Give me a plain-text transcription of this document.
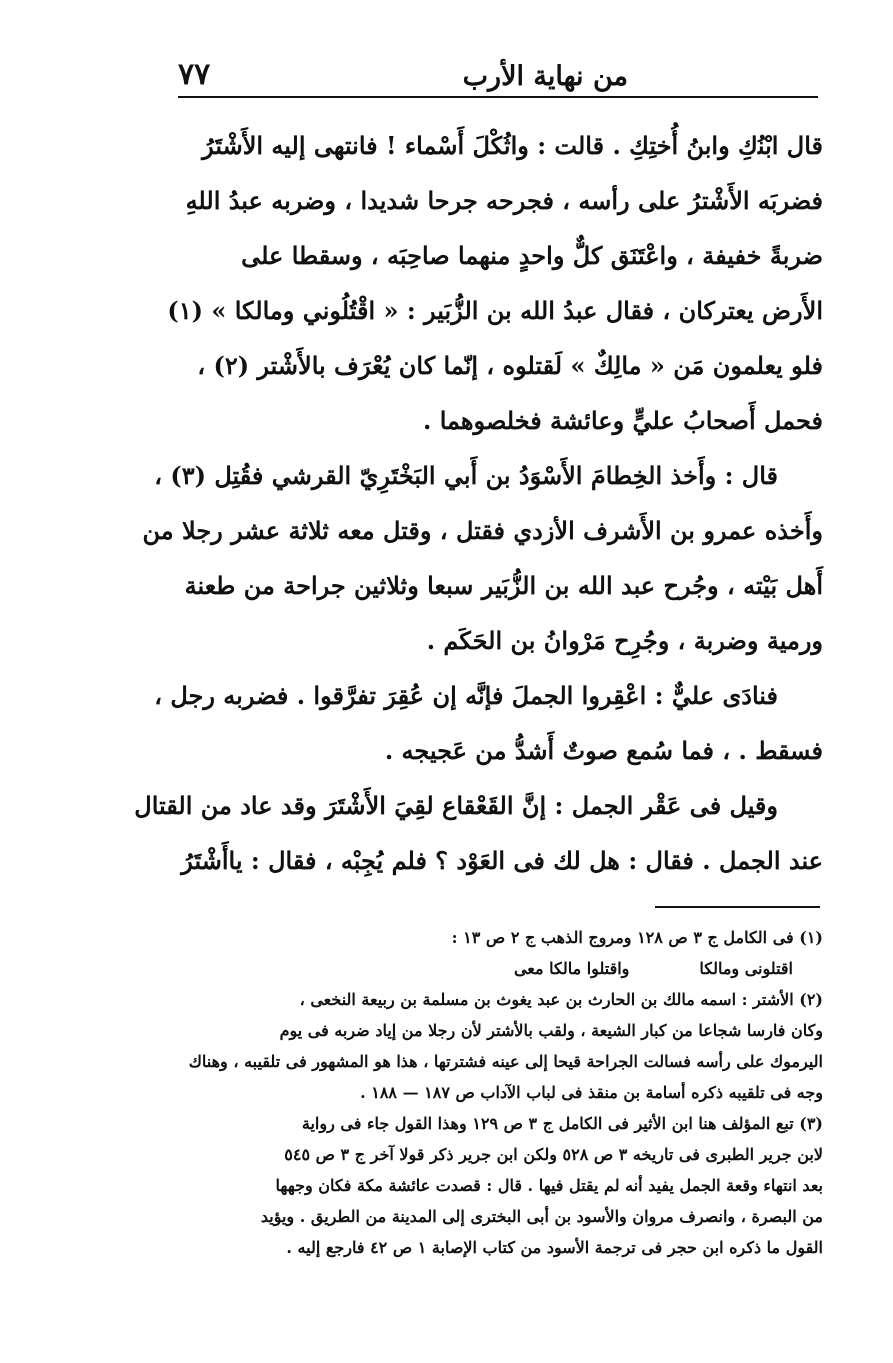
٧٧	من نهاية الأرب
قال اﺑْﻨُكِ وابنُ أُختِكِ . قالت : واثُكْلَ أَسْماء ! فانتهى إليه الأَشْتَرُ
فضربَه الأَشْترُ على رأسه ، فجرحه جرحا شديدا ، وضربه عبدُ اللهِ
ضربةً خفيفة ، واعْتَنَق كلٌّ واحدٍ منهما صاحِبَه ، وسقطا على
الأَرض يعتركان ، فقال عبدُ الله بن الزُّبَير : « اقْتُلُوني ومالكا » (١)
فلو يعلمون مَن « مالِكٌ » لَقتلوه ، إنّما كان يُعْرَف بالأَشْتر (٢) ،
فحمل أَصحابُ عليٍّ وعائشة فخلصوهما .
قال : وأَخذ الخِطامَ الأَسْوَدُ بن أَبي البَخْتَرِيّ القرشي فقُتِل (٣) ،
وأَخذه عمرو بن الأَشرف الأزدي فقتل ، وقتل معه ثلاثة عشر رجلا من
أَهل بَيْته ، وجُرح عبد الله بن الزُّبَير سبعا وثلاثين جراحة من طعنة
ورمية وضربة ، وجُرِح مَرْوانُ بن الحَكَم .
فنادَى عليٌّ : اعْقِروا الجملَ فإنَّه إن عُقِرَ تفرَّقوا . فضربه رجل ،
فسقط . ، فما سُمع صوتٌ أَشدُّ من عَجيجه .
وقيل فى عَقْر الجمل : إنَّ القَعْقاع لقِيَ الأَشْتَرَ وقد عاد من القتال
عند الجمل . فقال : هل لك فى العَوْد ؟ فلم يُجِبْه ، فقال : ياأَشْتَرُ
(١) فى الكامل ج ٣ ص ١٢٨ ومروج الذهب ج ٢ ص ١٣ :
اقتلونى ومالكا
واقتلوا مالكا معى
(٢) الأشتر : اسمه مالك بن الحارث بن عبد يغوث بن مسلمة بن ربيعة النخعى ،
وكان فارسا شجاعا من كبار الشيعة ، ولقب بالأشتر لأن رجلا من إياد ضربه فى يوم
اليرموك على رأسه فسالت الجراحة قيحا إلى عينه فشترتها ، هذا هو المشهور فى تلقيبه ، وهناك
وجه فى تلقيبه ذكره أسامة بن منقذ فى لباب الآداب ص ١٨٧ — ١٨٨ .
(٣) تبع المؤلف هنا ابن الأثير فى الكامل ج ٣ ص ١٢٩ وهذا القول جاء فى رواية
لابن جرير الطبرى فى تاريخه ٣ ص ٥٢٨ ولكن ابن جرير ذكر قولا آخر ج ٣ ص ٥٤٥
بعد انتهاء وقعة الجمل يفيد أنه لم يقتل فيها . قال : قصدت عائشة مكة فكان وجهها
من البصرة ، وانصرف مروان والأسود بن أبى البخترى إلى المدينة من الطريق . ويؤيد
القول ما ذكره ابن حجر فى ترجمة الأسود من كتاب الإصابة ١ ص ٤٢ فارجع إليه .
